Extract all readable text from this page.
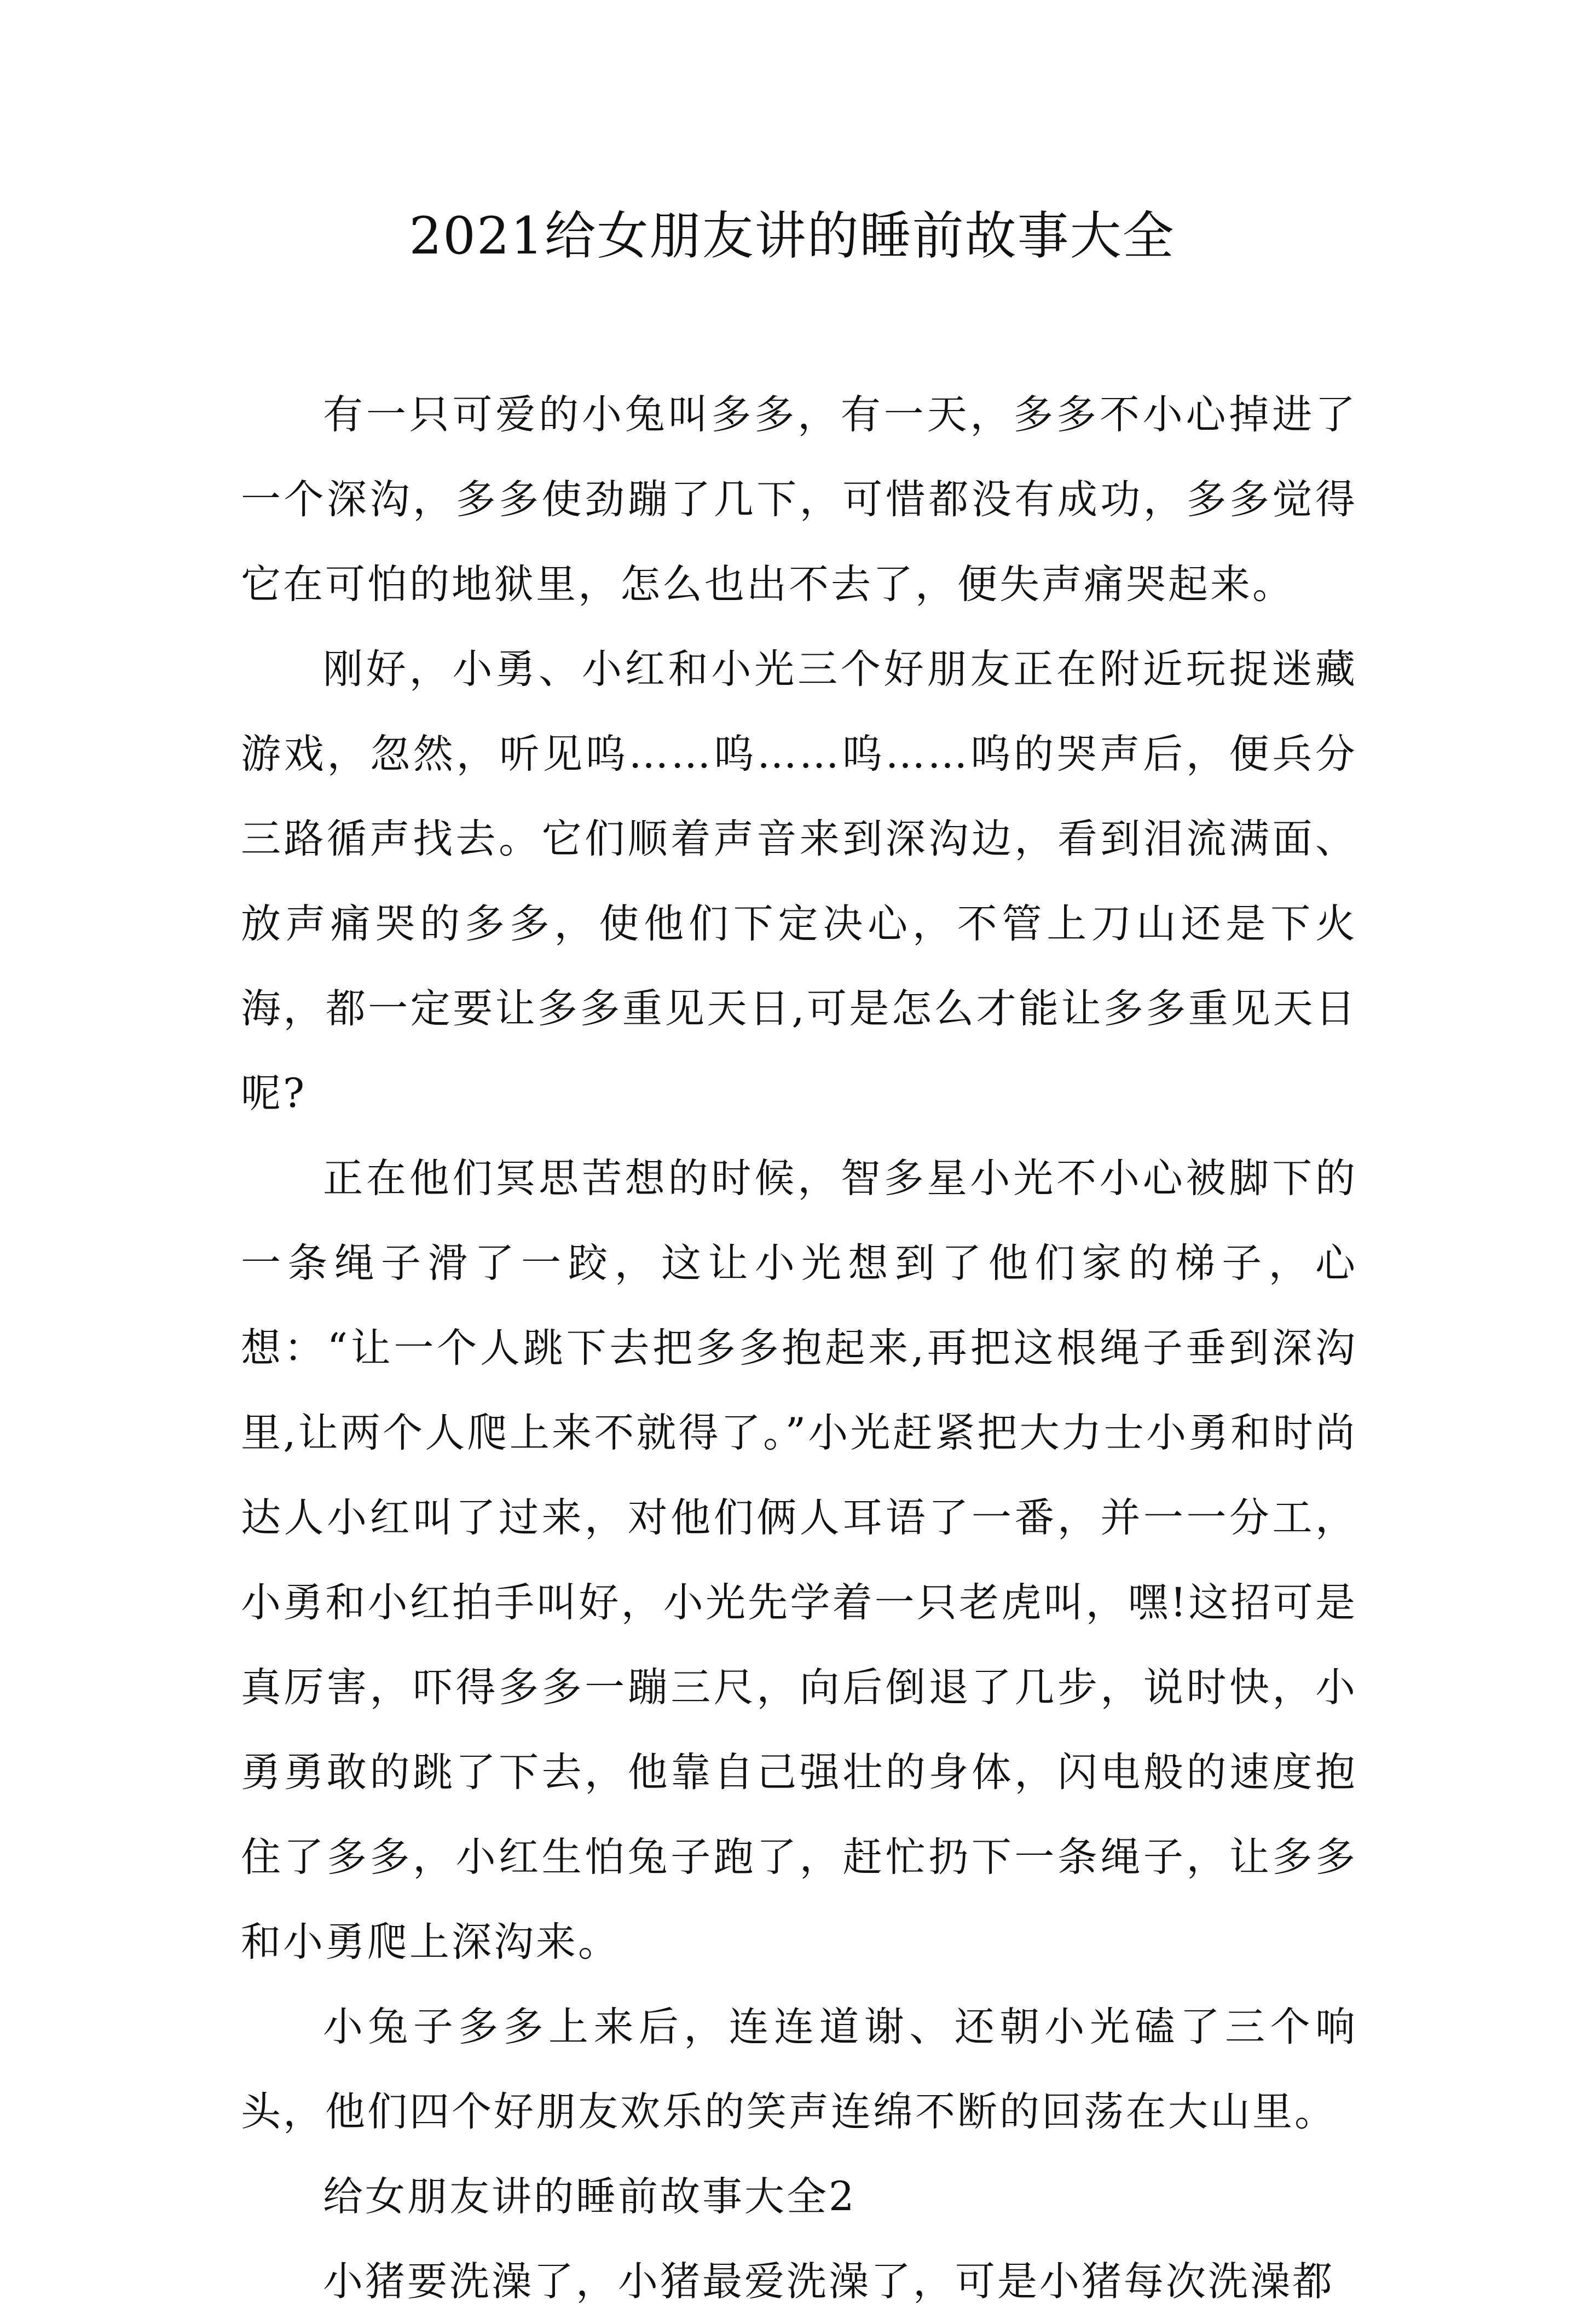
2021给女朋友讲的睡前故事大全

有一只可爱的小兔叫多多，有一天，多多不小心掉进了一个深沟，多多使劲蹦了几下，可惜都没有成功，多多觉得它在可怕的地狱里，怎么也出不去了，便失声痛哭起来。

刚好，小勇、小红和小光三个好朋友正在附近玩捉迷藏游戏，忽然，听见呜……呜……呜……呜的哭声后，便兵分三路循声找去。它们顺着声音来到深沟边，看到泪流满面、放声痛哭的多多，使他们下定决心，不管上刀山还是下火海，都一定要让多多重见天日,可是怎么才能让多多重见天日呢?

正在他们冥思苦想的时候，智多星小光不小心被脚下的一条绳子滑了一跤，这让小光想到了他们家的梯子，心想：“让一个人跳下去把多多抱起来,再把这根绳子垂到深沟里,让两个人爬上来不就得了。”小光赶紧把大力士小勇和时尚达人小红叫了过来，对他们俩人耳语了一番，并一一分工，小勇和小红拍手叫好，小光先学着一只老虎叫，嘿!这招可是真厉害，吓得多多一蹦三尺，向后倒退了几步，说时快，小勇勇敢的跳了下去，他靠自己强壮的身体，闪电般的速度抱住了多多，小红生怕兔子跑了，赶忙扔下一条绳子，让多多和小勇爬上深沟来。

小兔子多多上来后，连连道谢、还朝小光磕了三个响头，他们四个好朋友欢乐的笑声连绵不断的回荡在大山里。

给女朋友讲的睡前故事大全2

小猪要洗澡了，小猪最爱洗澡了，可是小猪每次洗澡都
